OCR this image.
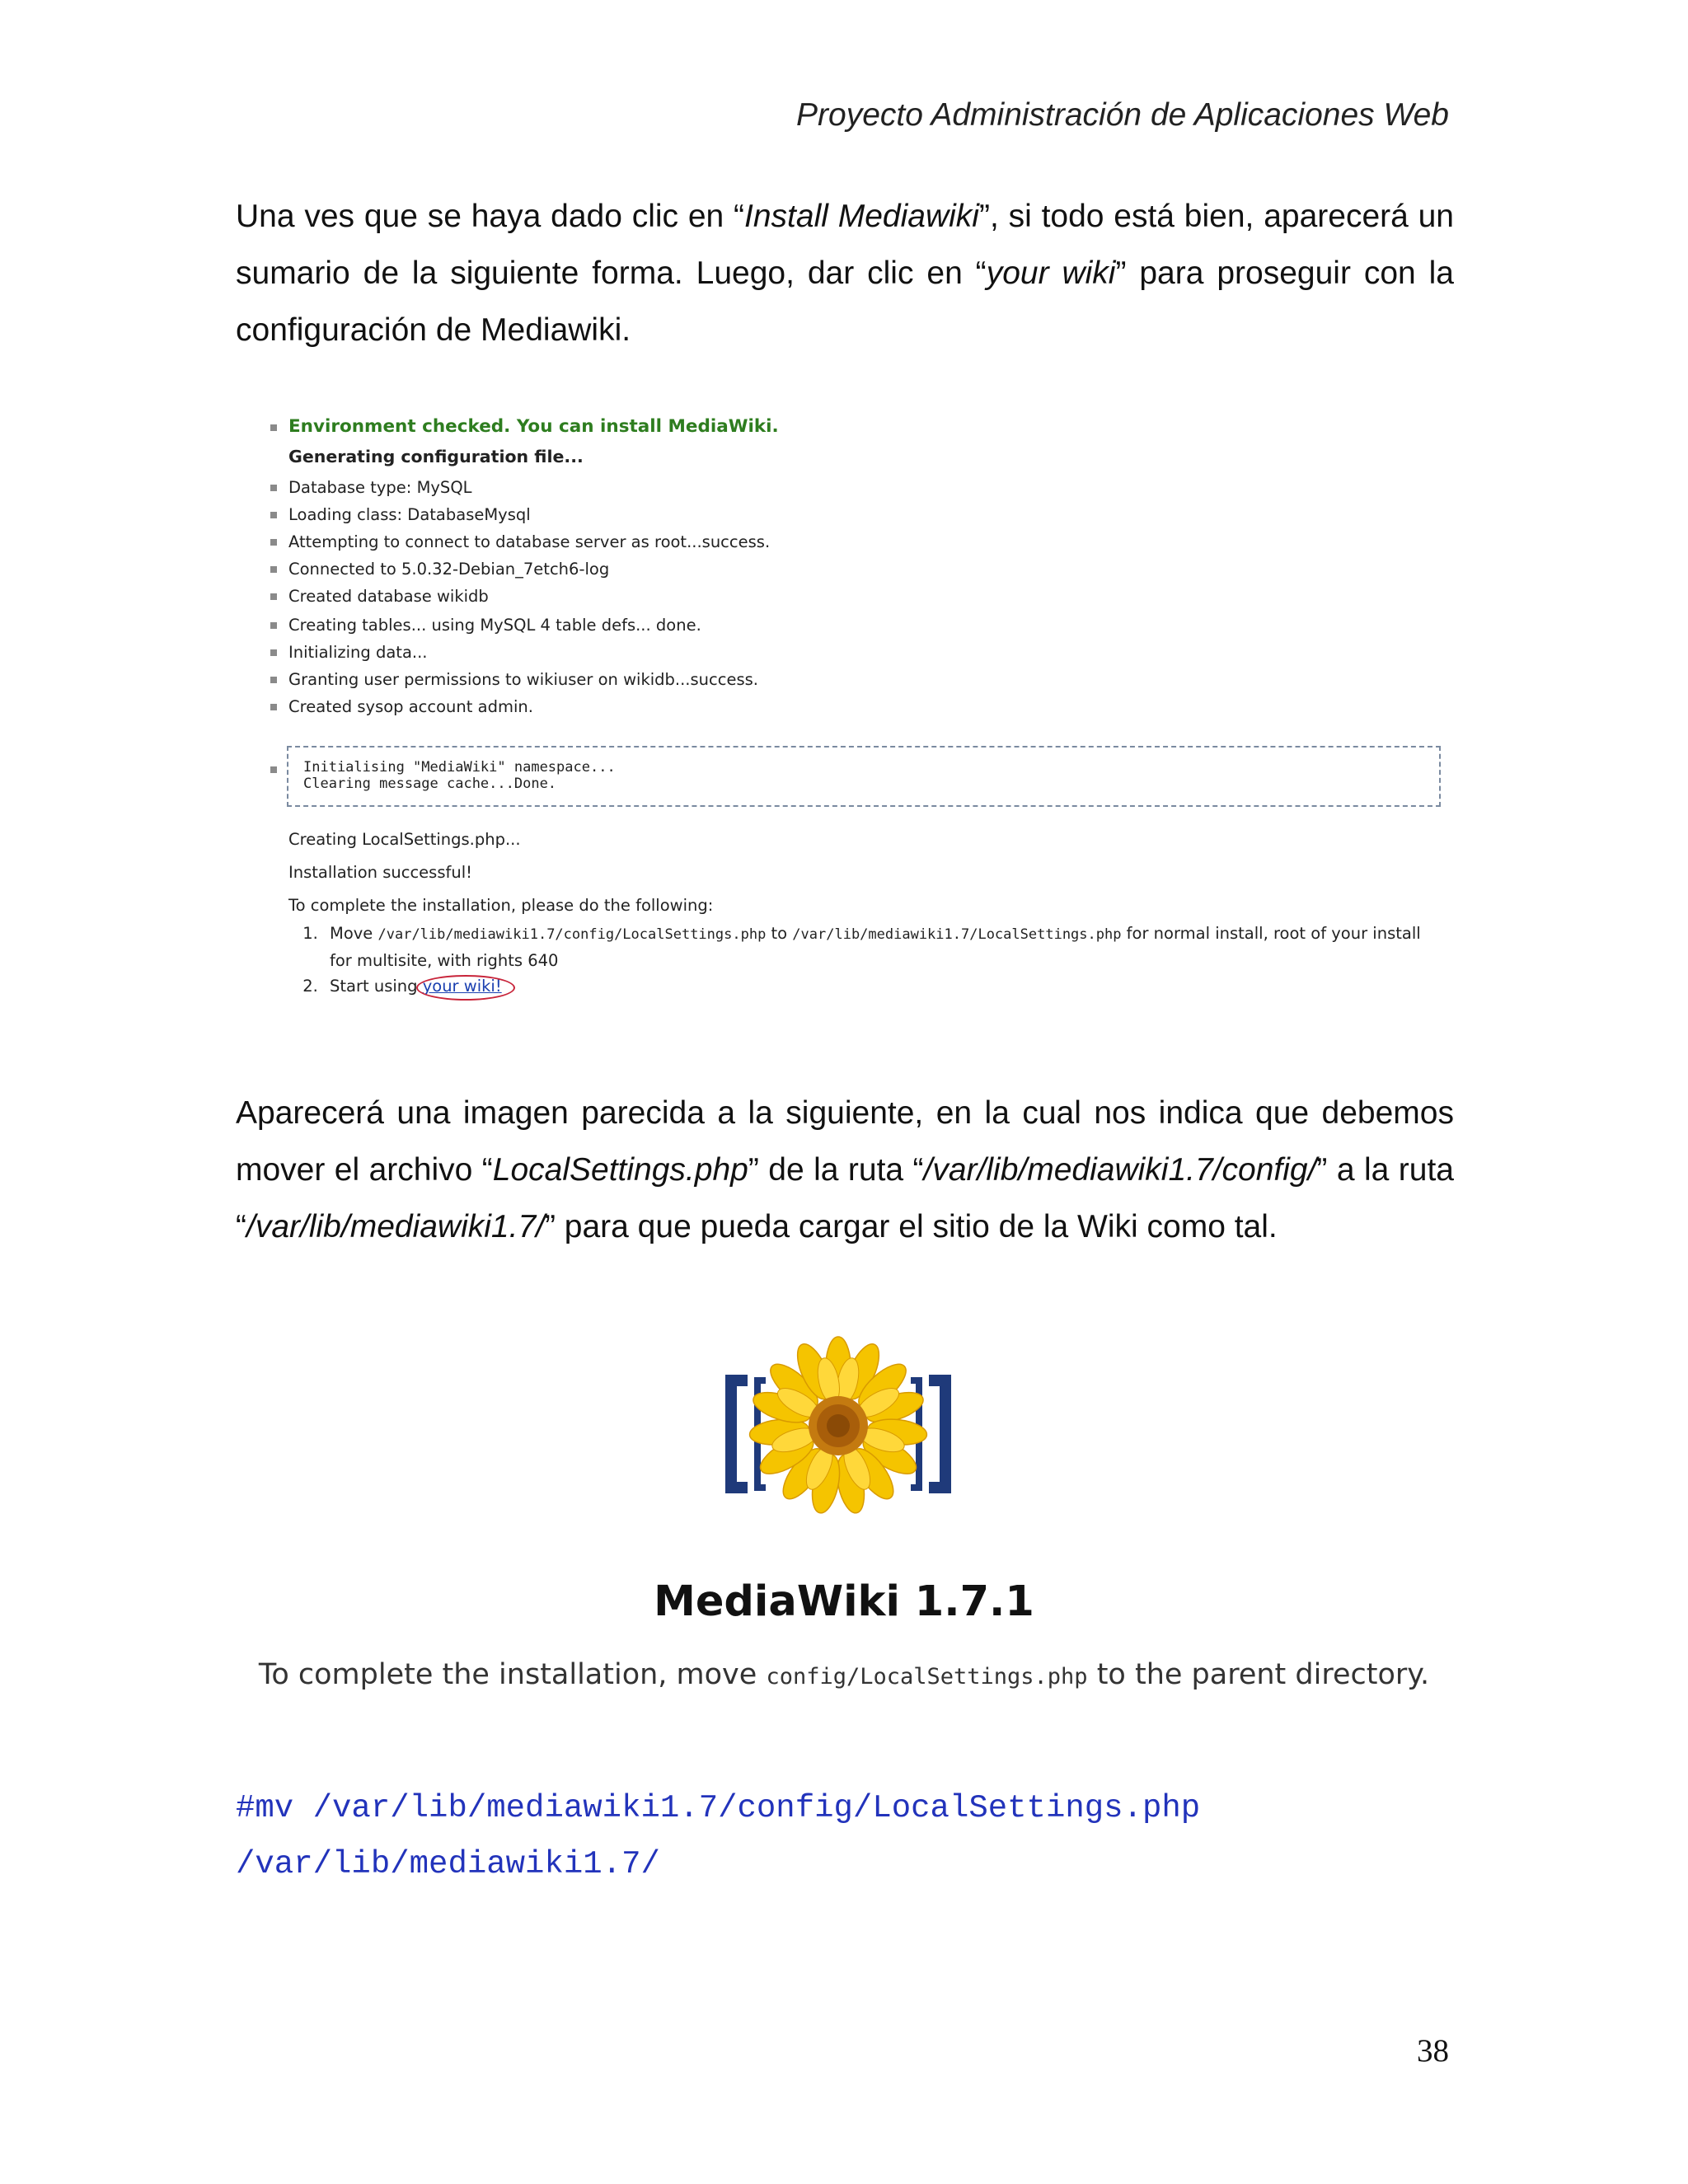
Proyecto Administración de Aplicaciones Web
Una ves que se haya dado clic en “Install Mediawiki”, si todo está bien, aparecerá un sumario de la siguiente forma. Luego, dar clic en “your wiki” para proseguir con la configuración de Mediawiki.
Environment checked. You can install MediaWiki.
Generating configuration file...
Database type: MySQL
Loading class: DatabaseMysql
Attempting to connect to database server as root...success.
Connected to 5.0.32-Debian_7etch6-log
Created database wikidb
Creating tables... using MySQL 4 table defs... done.
Initializing data...
Granting user permissions to wikiuser on wikidb...success.
Created sysop account admin.
Initialising "MediaWiki" namespace...
Clearing message cache...Done.
Creating LocalSettings.php...
Installation successful!
To complete the installation, please do the following:
1. Move /var/lib/mediawiki1.7/config/LocalSettings.php to /var/lib/mediawiki1.7/LocalSettings.php for normal install, root of your install for multisite, with rights 640
2. Start using your wiki!
Aparecerá una imagen parecida a la siguiente, en la cual nos indica que debemos mover el archivo “LocalSettings.php” de la ruta “/var/lib/mediawiki1.7/config/” a la ruta “/var/lib/mediawiki1.7/” para que pueda cargar el sitio de la Wiki como tal.
MediaWiki 1.7.1
To complete the installation, move config/LocalSettings.php to the parent directory.
#mv /var/lib/mediawiki1.7/config/LocalSettings.php
/var/lib/mediawiki1.7/
38
